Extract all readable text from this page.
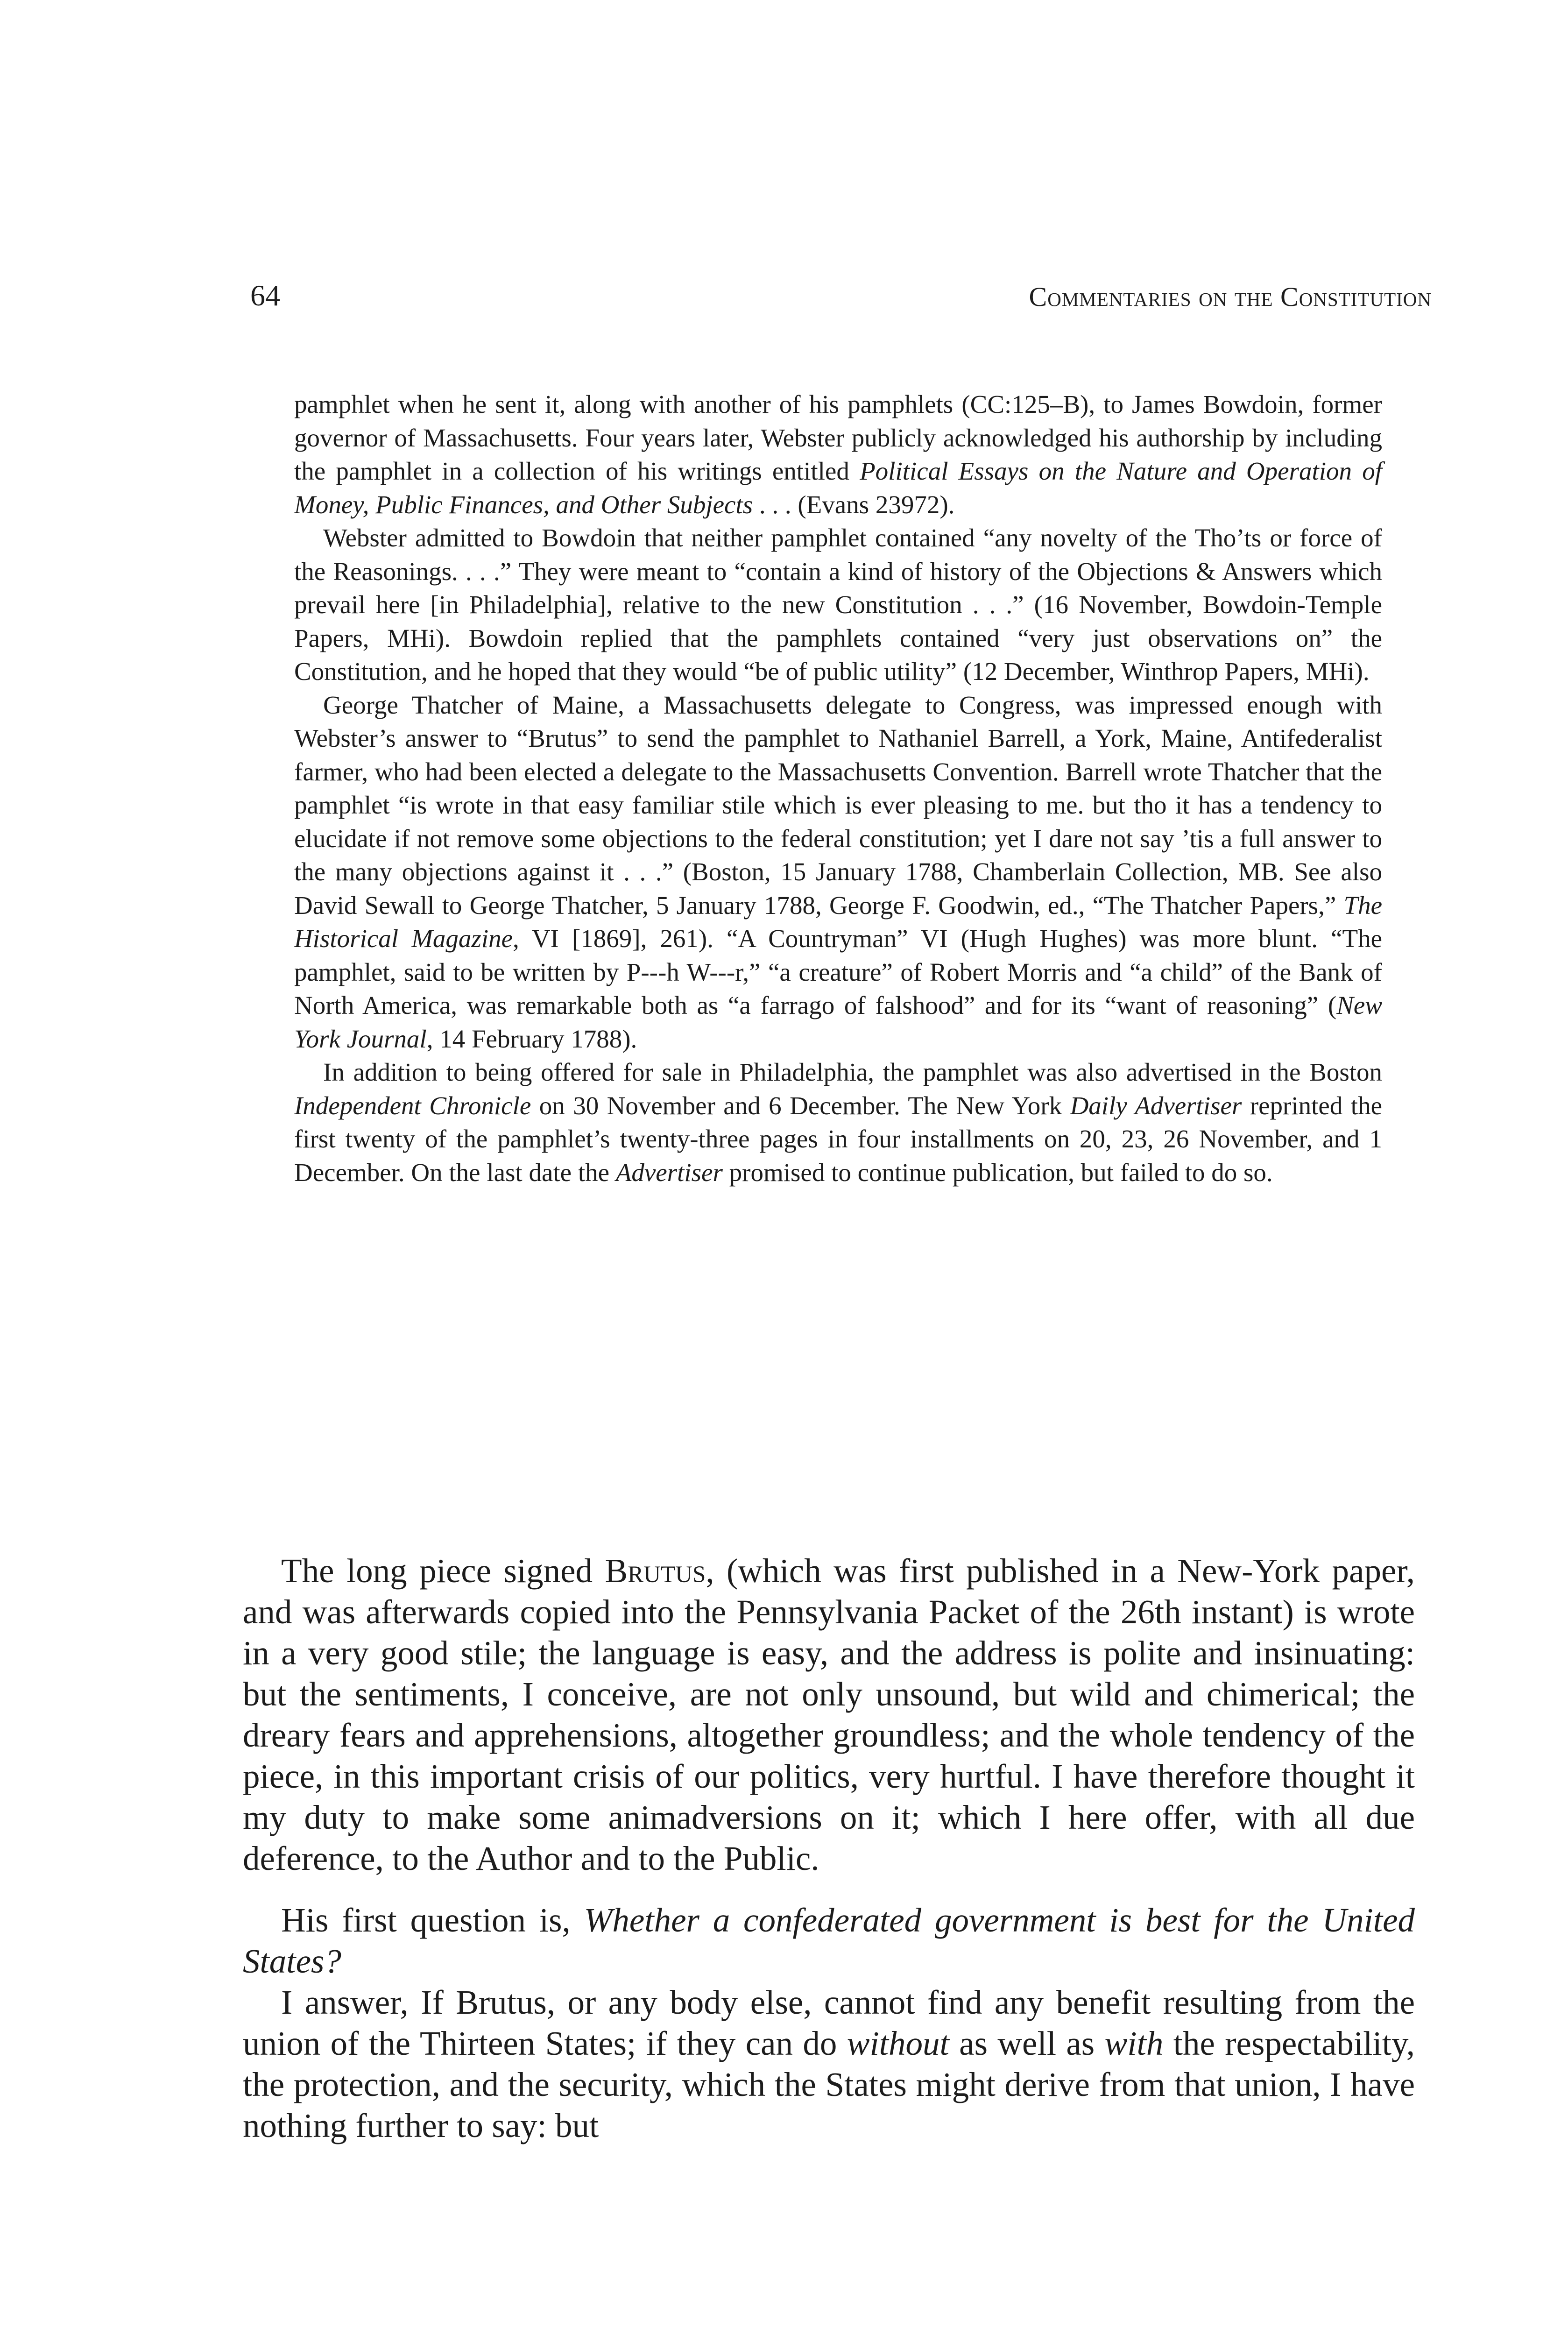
64	Commentaries on the Constitution

pamphlet when he sent it, along with another of his pamphlets (CC:125–B), to James Bowdoin, former governor of Massachusetts. Four years later, Webster publicly acknowledged his authorship by including the pamphlet in a collection of his writings entitled Political Essays on the Nature and Operation of Money, Public Finances, and Other Subjects . . . (Evans 23972).

Webster admitted to Bowdoin that neither pamphlet contained “any novelty of the Tho’ts or force of the Reasonings. . . .” They were meant to “contain a kind of history of the Objections & Answers which prevail here [in Philadelphia], relative to the new Constitution . . .” (16 November, Bowdoin-Temple Papers, MHi). Bowdoin replied that the pamphlets contained “very just observations on” the Constitution, and he hoped that they would “be of public utility” (12 December, Winthrop Papers, MHi).

George Thatcher of Maine, a Massachusetts delegate to Congress, was impressed enough with Webster’s answer to “Brutus” to send the pamphlet to Nathaniel Barrell, a York, Maine, Antifederalist farmer, who had been elected a delegate to the Massachusetts Convention. Barrell wrote Thatcher that the pamphlet “is wrote in that easy familiar stile which is ever pleasing to me. but tho it has a tendency to elucidate if not remove some objections to the federal constitution; yet I dare not say ’tis a full answer to the many objections against it . . .” (Boston, 15 January 1788, Chamberlain Collection, MB. See also David Sewall to George Thatcher, 5 January 1788, George F. Goodwin, ed., “The Thatcher Papers,” The Historical Magazine, VI [1869], 261). “A Countryman” VI (Hugh Hughes) was more blunt. “The pamphlet, said to be written by P---h W---r,” “a creature” of Robert Morris and “a child” of the Bank of North America, was remarkable both as “a farrago of falshood” and for its “want of reasoning” (New York Journal, 14 February 1788).

In addition to being offered for sale in Philadelphia, the pamphlet was also advertised in the Boston Independent Chronicle on 30 November and 6 December. The New York Daily Advertiser reprinted the first twenty of the pamphlet’s twenty-three pages in four installments on 20, 23, 26 November, and 1 December. On the last date the Advertiser promised to continue publication, but failed to do so.

The long piece signed Brutus, (which was first published in a New-York paper, and was afterwards copied into the Pennsylvania Packet of the 26th instant) is wrote in a very good stile; the language is easy, and the address is polite and insinuating: but the sentiments, I conceive, are not only unsound, but wild and chimerical; the dreary fears and apprehensions, altogether groundless; and the whole tendency of the piece, in this important crisis of our politics, very hurtful. I have therefore thought it my duty to make some animadversions on it; which I here offer, with all due deference, to the Author and to the Public.

His first question is, Whether a confederated government is best for the United States?

I answer, If Brutus, or any body else, cannot find any benefit resulting from the union of the Thirteen States; if they can do without as well as with the respectability, the protection, and the security, which the States might derive from that union, I have nothing further to say: but
